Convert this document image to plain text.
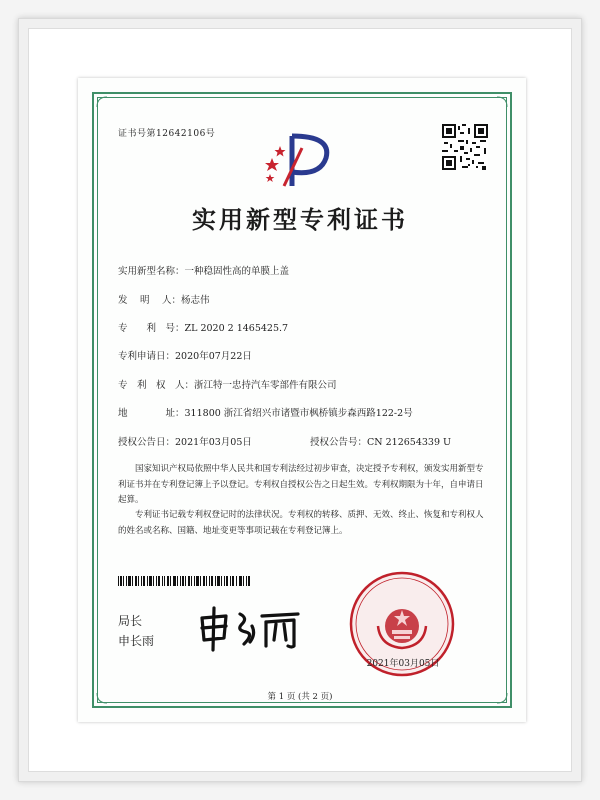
证书号第12642106号
实用新型专利证书
实用新型名称：一种稳固性高的单膜上盖
发　 明　 人：杨志伟
专　　利　号：ZL 2020 2 1465425.7
专利申请日：2020年07月22日
专　利　权　人：浙江特一忠持汽车零部件有限公司
地　　　　址：311800 浙江省绍兴市诸暨市枫桥镇步森西路122-2号
授权公告日：2021年03月05日	授权公告号：CN 212654339 U
国家知识产权局依照中华人民共和国专利法经过初步审查，决定授予专利权，颁发实用新型专利证书并在专利登记簿上予以登记。专利权自授权公告之日起生效。专利权期限为十年，自申请日起算。
专利证书记载专利权登记时的法律状况。专利权的转移、质押、无效、终止、恢复和专利权人的姓名或名称、国籍、地址变更等事项记载在专利登记簿上。
局长
申长雨
2021年03月05日
第 1 页 (共 2 页)
